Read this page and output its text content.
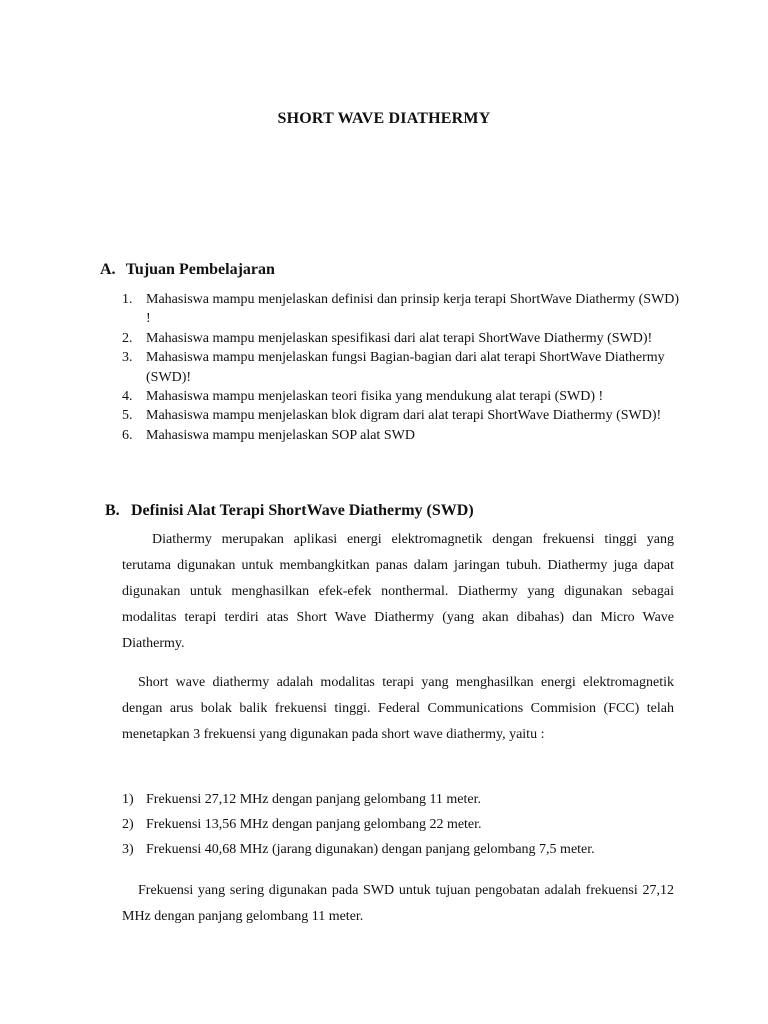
SHORT WAVE DIATHERMY
A. Tujuan Pembelajaran
1. Mahasiswa mampu menjelaskan definisi dan prinsip kerja terapi ShortWave Diathermy (SWD) !
2. Mahasiswa mampu menjelaskan spesifikasi dari alat terapi ShortWave Diathermy (SWD)!
3. Mahasiswa mampu menjelaskan fungsi Bagian-bagian dari alat terapi ShortWave Diathermy (SWD)!
4. Mahasiswa mampu menjelaskan teori fisika yang mendukung alat terapi (SWD) !
5. Mahasiswa mampu menjelaskan blok digram dari alat terapi ShortWave Diathermy (SWD)!
6. Mahasiswa mampu menjelaskan SOP alat SWD
B. Definisi Alat Terapi ShortWave Diathermy (SWD)

Diathermy merupakan aplikasi energi elektromagnetik dengan frekuensi tinggi yang terutama digunakan untuk membangkitkan panas dalam jaringan tubuh. Diathermy juga dapat digunakan untuk menghasilkan efek-efek nonthermal. Diathermy yang digunakan sebagai modalitas terapi terdiri atas Short Wave Diathermy (yang akan dibahas) dan Micro Wave Diathermy.

Short wave diathermy adalah modalitas terapi yang menghasilkan energi elektromagnetik dengan arus bolak balik frekuensi tinggi. Federal Communications Commision (FCC) telah menetapkan 3 frekuensi yang digunakan pada short wave diathermy, yaitu :

1) Frekuensi 27,12 MHz dengan panjang gelombang 11 meter.
2) Frekuensi 13,56 MHz dengan panjang gelombang 22 meter.
3) Frekuensi 40,68 MHz (jarang digunakan) dengan panjang gelombang 7,5 meter.

Frekuensi yang sering digunakan pada SWD untuk tujuan pengobatan adalah frekuensi 27,12 MHz dengan panjang gelombang 11 meter.
